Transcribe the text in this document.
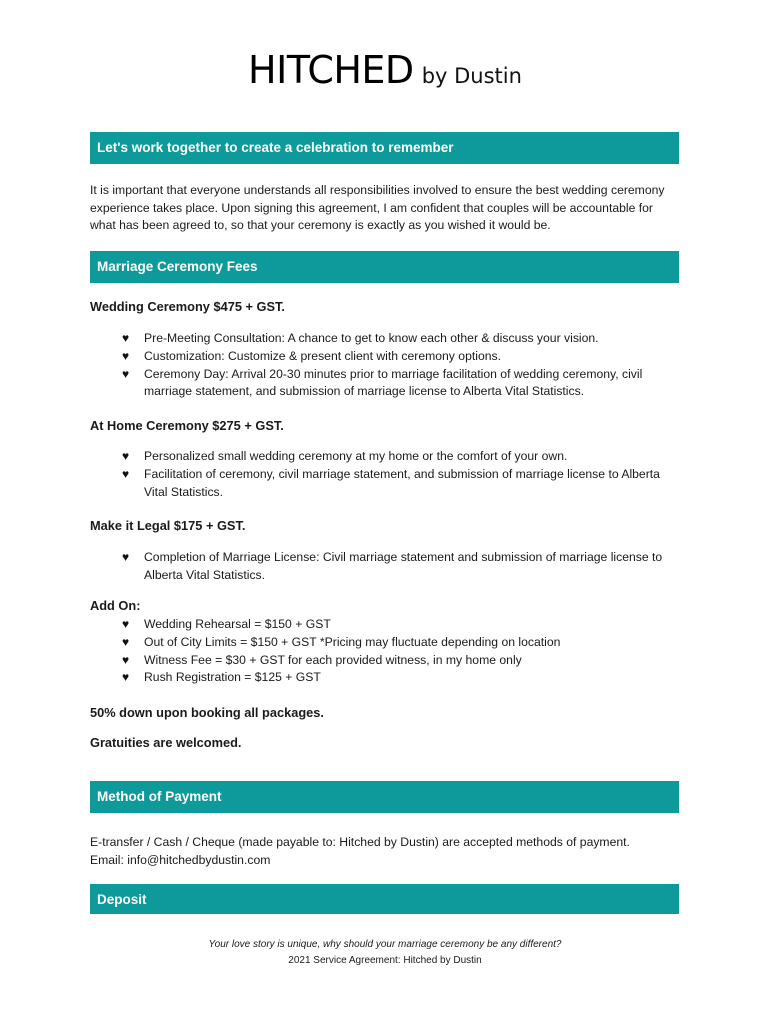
HITCHED by Dustin
Let's work together to create a celebration to remember
It is important that everyone understands all responsibilities involved to ensure the best wedding ceremony experience takes place. Upon signing this agreement, I am confident that couples will be accountable for what has been agreed to, so that your ceremony is exactly as you wished it would be.
Marriage Ceremony Fees
Wedding Ceremony $475 + GST.
♥ Pre-Meeting Consultation: A chance to get to know each other & discuss your vision.
♥ Customization: Customize & present client with ceremony options.
♥ Ceremony Day: Arrival 20-30 minutes prior to marriage facilitation of wedding ceremony, civil marriage statement, and submission of marriage license to Alberta Vital Statistics.
At Home Ceremony $275 + GST.
♥ Personalized small wedding ceremony at my home or the comfort of your own.
♥ Facilitation of ceremony, civil marriage statement, and submission of marriage license to Alberta Vital Statistics.
Make it Legal $175 + GST.
♥ Completion of Marriage License: Civil marriage statement and submission of marriage license to Alberta Vital Statistics.
Add On:
♥ Wedding Rehearsal = $150 + GST
♥ Out of City Limits = $150 + GST *Pricing may fluctuate depending on location
♥ Witness Fee = $30 + GST for each provided witness, in my home only
♥ Rush Registration = $125 + GST
50% down upon booking all packages.
Gratuities are welcomed.
Method of Payment
E-transfer / Cash / Cheque (made payable to: Hitched by Dustin) are accepted methods of payment.
Email: info@hitchedbydustin.com
Deposit
Your love story is unique, why should your marriage ceremony be any different?
2021 Service Agreement: Hitched by Dustin
